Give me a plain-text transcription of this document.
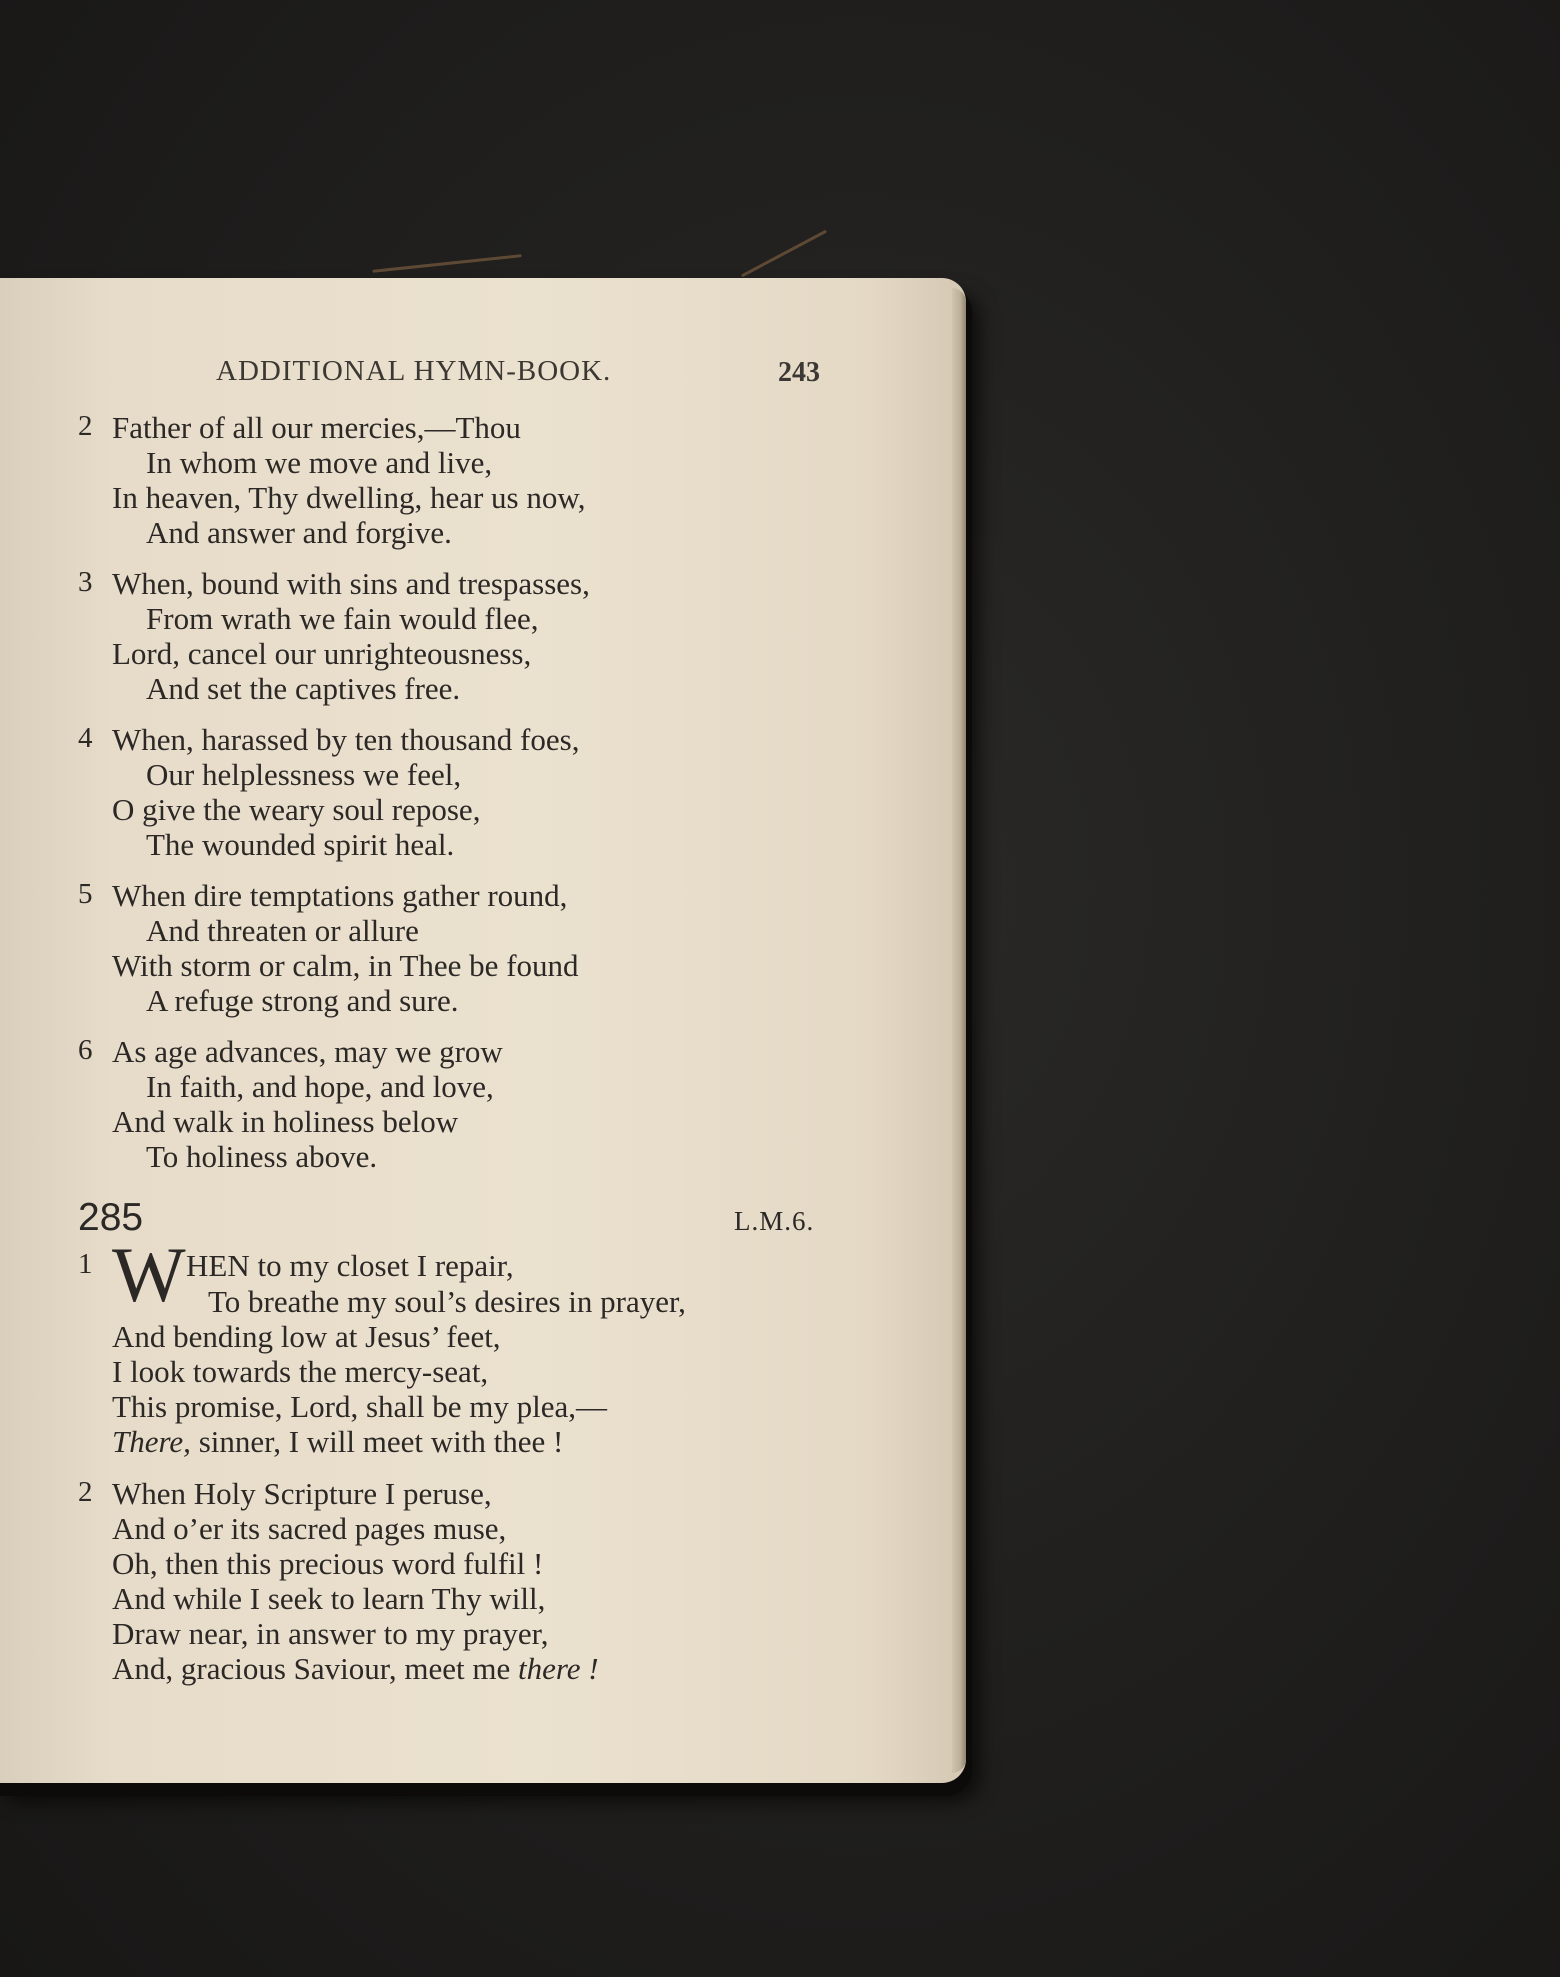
ADDITIONAL HYMN-BOOK.	243
2 Father of all our mercies,—Thou
In whom we move and live,
In heaven, Thy dwelling, hear us now,
And answer and forgive.
3 When, bound with sins and trespasses,
From wrath we fain would flee,
Lord, cancel our unrighteousness,
And set the captives free.
4 When, harassed by ten thousand foes,
Our helplessness we feel,
O give the weary soul repose,
The wounded spirit heal.
5 When dire temptations gather round,
And threaten or allure
With storm or calm, in Thee be found
A refuge strong and sure.
6 As age advances, may we grow
In faith, and hope, and love,
And walk in holiness below
To holiness above.
285	L.M.6.
1 W HEN to my closet I repair,
To breathe my soul’s desires in prayer,
And bending low at Jesus’ feet,
I look towards the mercy-seat,
This promise, Lord, shall be my plea,—
There, sinner, I will meet with thee !
2 When Holy Scripture I peruse,
And o’er its sacred pages muse,
Oh, then this precious word fulfil !
And while I seek to learn Thy will,
Draw near, in answer to my prayer,
And, gracious Saviour, meet me there !
